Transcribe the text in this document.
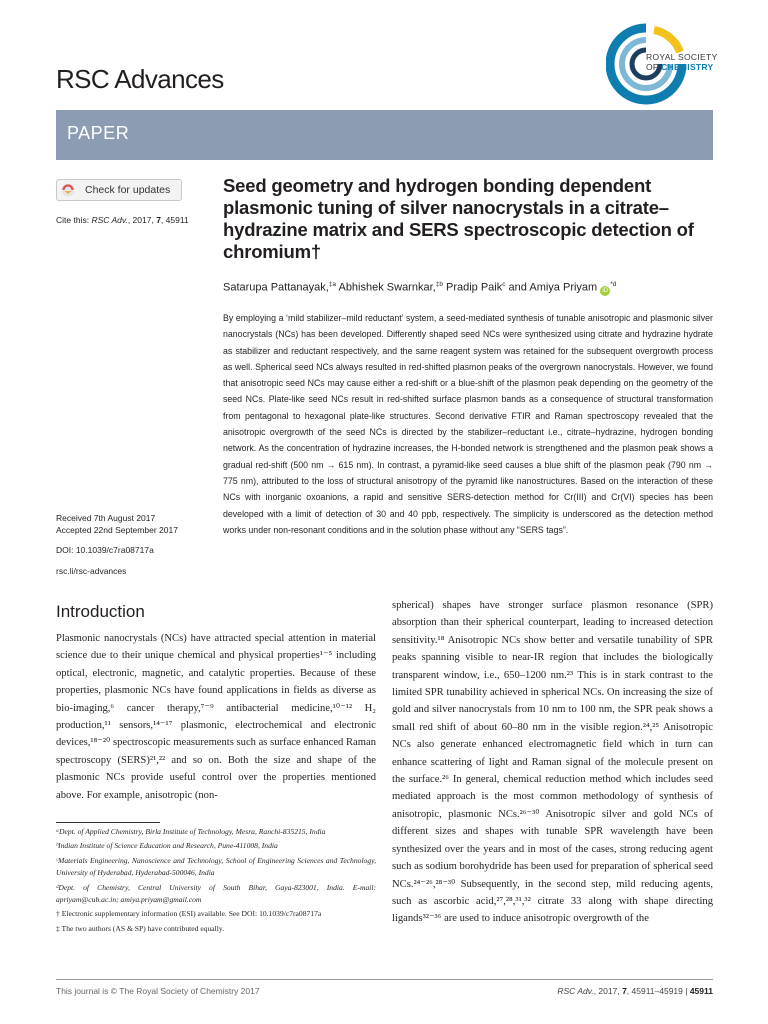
RSC Advances
ROYAL SOCIETY
OF CHEMISTRY
PAPER
Check for updates
Cite this: RSC Adv., 2017, 7, 45911
Received 7th August 2017
Accepted 22nd September 2017
DOI: 10.1039/c7ra08717a
rsc.li/rsc-advances
Seed geometry and hydrogen bonding dependent plasmonic tuning of silver nanocrystals in a citrate–hydrazine matrix and SERS spectroscopic detection of chromium†
Satarupa Pattanayak,$^{\ddagger a}$ Abhishek Swarnkar,$^{\ddagger b}$ Pradip Paik$^c$ and Amiya Priyam $iD^{*d}$
By employing a ‘mild stabilizer–mild reductant’ system, a seed-mediated synthesis of tunable anisotropic and plasmonic silver nanocrystals (NCs) has been developed. Differently shaped seed NCs were synthesized using citrate and hydrazine hydrate as stabilizer and reductant respectively, and the same reagent system was retained for the subsequent overgrowth process as well. Spherical seed NCs always resulted in red-shifted plasmon peaks of the overgrown nanocrystals. However, we found that anisotropic seed NCs may cause either a red-shift or a blue-shift of the plasmon peak depending on the geometry of the seed NCs. Plate-like seed NCs result in red-shifted surface plasmon bands as a consequence of structural transformation from pentagonal to hexagonal plate-like structures. Second derivative FTIR and Raman spectroscopy revealed that the anisotropic overgrowth of the seed NCs is directed by the stabilizer–reductant i.e., citrate–hydrazine, hydrogen bonding network. As the concentration of hydrazine increases, the H-bonded network is strengthened and the plasmon peak shows a gradual red-shift (500 nm → 615 nm). In contrast, a pyramid-like seed causes a blue shift of the plasmon peak (790 nm → 775 nm), attributed to the loss of structural anisotropy of the pyramid like nanostructures. Based on the interaction of these NCs with inorganic oxoanions, a rapid and sensitive SERS-detection method for Cr(III) and Cr(VI) species has been developed with a limit of detection of 30 and 40 ppb, respectively. The simplicity is underscored as the detection method works under non-resonant conditions and in the solution phase without any “SERS tags”.
Introduction
Plasmonic nanocrystals (NCs) have attracted special attention in material science due to their unique chemical and physical properties¹⁻⁵ including optical, electronic, magnetic, and catalytic properties. Because of these properties, plasmonic NCs have found applications in fields as diverse as bio-imaging,⁶ cancer therapy,⁷⁻⁹ antibacterial medicine,¹⁰⁻¹² H₂ production,¹¹ sensors,¹⁴⁻¹⁷ plasmonic, electrochemical and electronic devices,¹⁸⁻²⁰ spectroscopic measurements such as surface enhanced Raman spectroscopy (SERS)²¹,²² and so on. Both the size and shape of the plasmonic NCs provide useful control over the properties mentioned above. For example, anisotropic (non-
spherical) shapes have stronger surface plasmon resonance (SPR) absorption than their spherical counterpart, leading to increased detection sensitivity.¹⁸ Anisotropic NCs show better and versatile tunability of SPR peaks spanning visible to near-IR region that includes the biologically transparent window, i.e., 650–1200 nm.²³ This is in stark contrast to the limited SPR tunability achieved in spherical NCs. On increasing the size of gold and silver nanocrystals from 10 nm to 100 nm, the SPR peak shows a small red shift of about 60–80 nm in the visible region.²⁴,²⁵ Anisotropic NCs also generate enhanced electromagnetic field which in turn can enhance scattering of light and Raman signal of the molecule present on the surface.²⁶ In general, chemical reduction method which includes seed mediated approach is the most common methodology of synthesis of anisotropic, plasmonic NCs.²⁶⁻³⁰ Anisotropic silver and gold NCs of different sizes and shapes with tunable SPR wavelength have been synthesized over the years and in most of the cases, strong reducing agent such as sodium borohydride has been used for preparation of spherical seed NCs.²⁴⁻²⁶,²⁸⁻³⁰ Subsequently, in the second step, mild reducing agents, such as ascorbic acid,²⁷,²⁸,³¹,³² citrate 33 along with shape directing ligands³²⁻³⁶ are used to induce anisotropic overgrowth of the

ᵃDept. of Applied Chemistry, Birla Institute of Technology, Mesra, Ranchi-835215, India

ᵇIndian Institute of Science Education and Research, Pune-411008, India

ᶜMaterials Engineering, Nanoscience and Technology, School of Engineering Sciences and Technology, University of Hyderabad, Hyderabad-500046, India

ᵈDept. of Chemistry, Central University of South Bihar, Gaya-823001, India. E-mail: apriyam@cub.ac.in; amiya.priyam@gmail.com

† Electronic supplementary information (ESI) available. See DOI: 10.1039/c7ra08717a

‡ The two authors (AS & SP) have contributed equally.

This journal is © The Royal Society of Chemistry 2017	RSC Adv., 2017, 7, 45911–45919 | 45911
